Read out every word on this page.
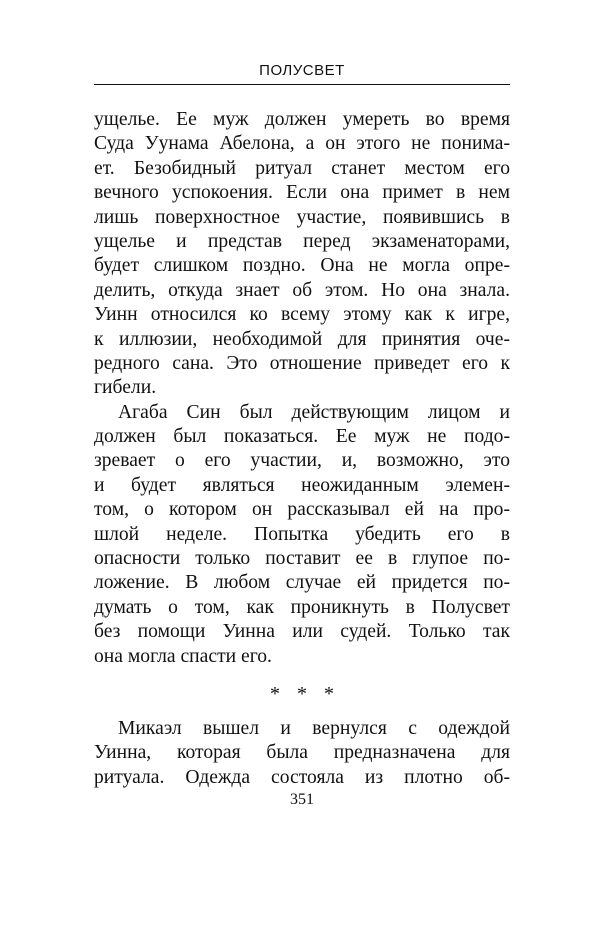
ПОЛУСВЕТ
ущелье. Ее муж должен умереть во время
Суда Уунама Абелона, а он этого не понима-
ет. Безобидный ритуал станет местом его
вечного успокоения. Если она примет в нем
лишь поверхностное участие, появившись в
ущелье и представ перед экзаменаторами,
будет слишком поздно. Она не могла опре-
делить, откуда знает об этом. Но она знала.
Уинн относился ко всему этому как к игре,
к иллюзии, необходимой для принятия оче-
редного сана. Это отношение приведет его к
гибели.
Агаба Син был действующим лицом и
должен был показаться. Ее муж не подо-
зревает о его участии, и, возможно, это
и будет являться неожиданным элемен-
том, о котором он рассказывал ей на про-
шлой неделе. Попытка убедить его в
опасности только поставит ее в глупое по-
ложение. В любом случае ей придется по-
думать о том, как проникнуть в Полусвет
без помощи Уинна или судей. Только так
она могла спасти его.
* * *
Микаэл вышел и вернулся с одеждой
Уинна, которая была предназначена для
ритуала. Одежда состояла из плотно об-
351
